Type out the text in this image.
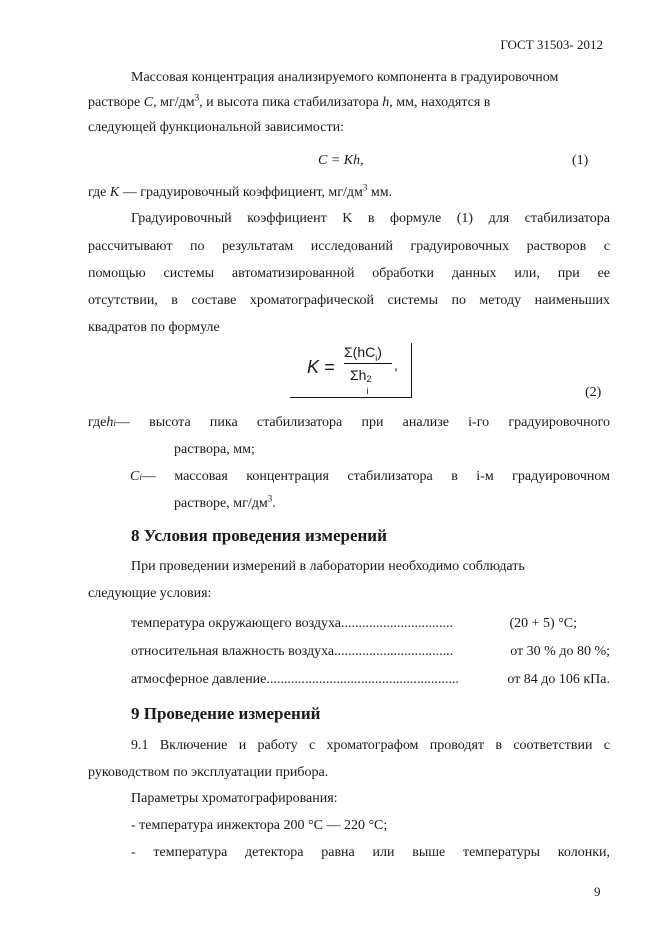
ГОСТ 31503- 2012
Массовая концентрация анализируемого компонента в градуировочном
растворе C, $мг/дм^3$, и высота пика стабилизатора h, мм, находятся в
следующей функциональной зависимости:
C = Kh,	(1)
где K — градуировочный коэффициент, $мг/дм^3$ мм.
Градуировочный коэффициент K в формуле (1) для стабилизатора
рассчитывают по результатам исследований градуировочных растворов с
помощью системы автоматизированной обработки данных или, при ее
отсутствии, в составе хроматографической системы по методу наименьших
квадратов по формуле
K =
$\Sigma(hC_i)$
,
Σh 2
i	(2)
где h i — высота пика стабилизатора при анализе i-го градуировочного
раствора, мм;
C i — массовая концентрация стабилизатора в i-м градуировочном
растворе, $мг/дм^3$.
8 Условия проведения измерений
При проведении измерений в лаборатории необходимо соблюдать
следующие условия:
температура окружающего воздуха ................................	(20 + 5) °С;
относительная влажность воздуха ..................................	от 30 % до 80 %;
атмосферное давление .......................................................	от 84 до 106 кПа.
9 Проведение измерений
9.1 Включение и работу с хроматографом проводят в соответствии с
руководством по эксплуатации прибора.
Параметры хроматографирования:
- температура инжектора 200 °С — 220 °С;
- температура детектора равна или выше температуры колонки,
9
